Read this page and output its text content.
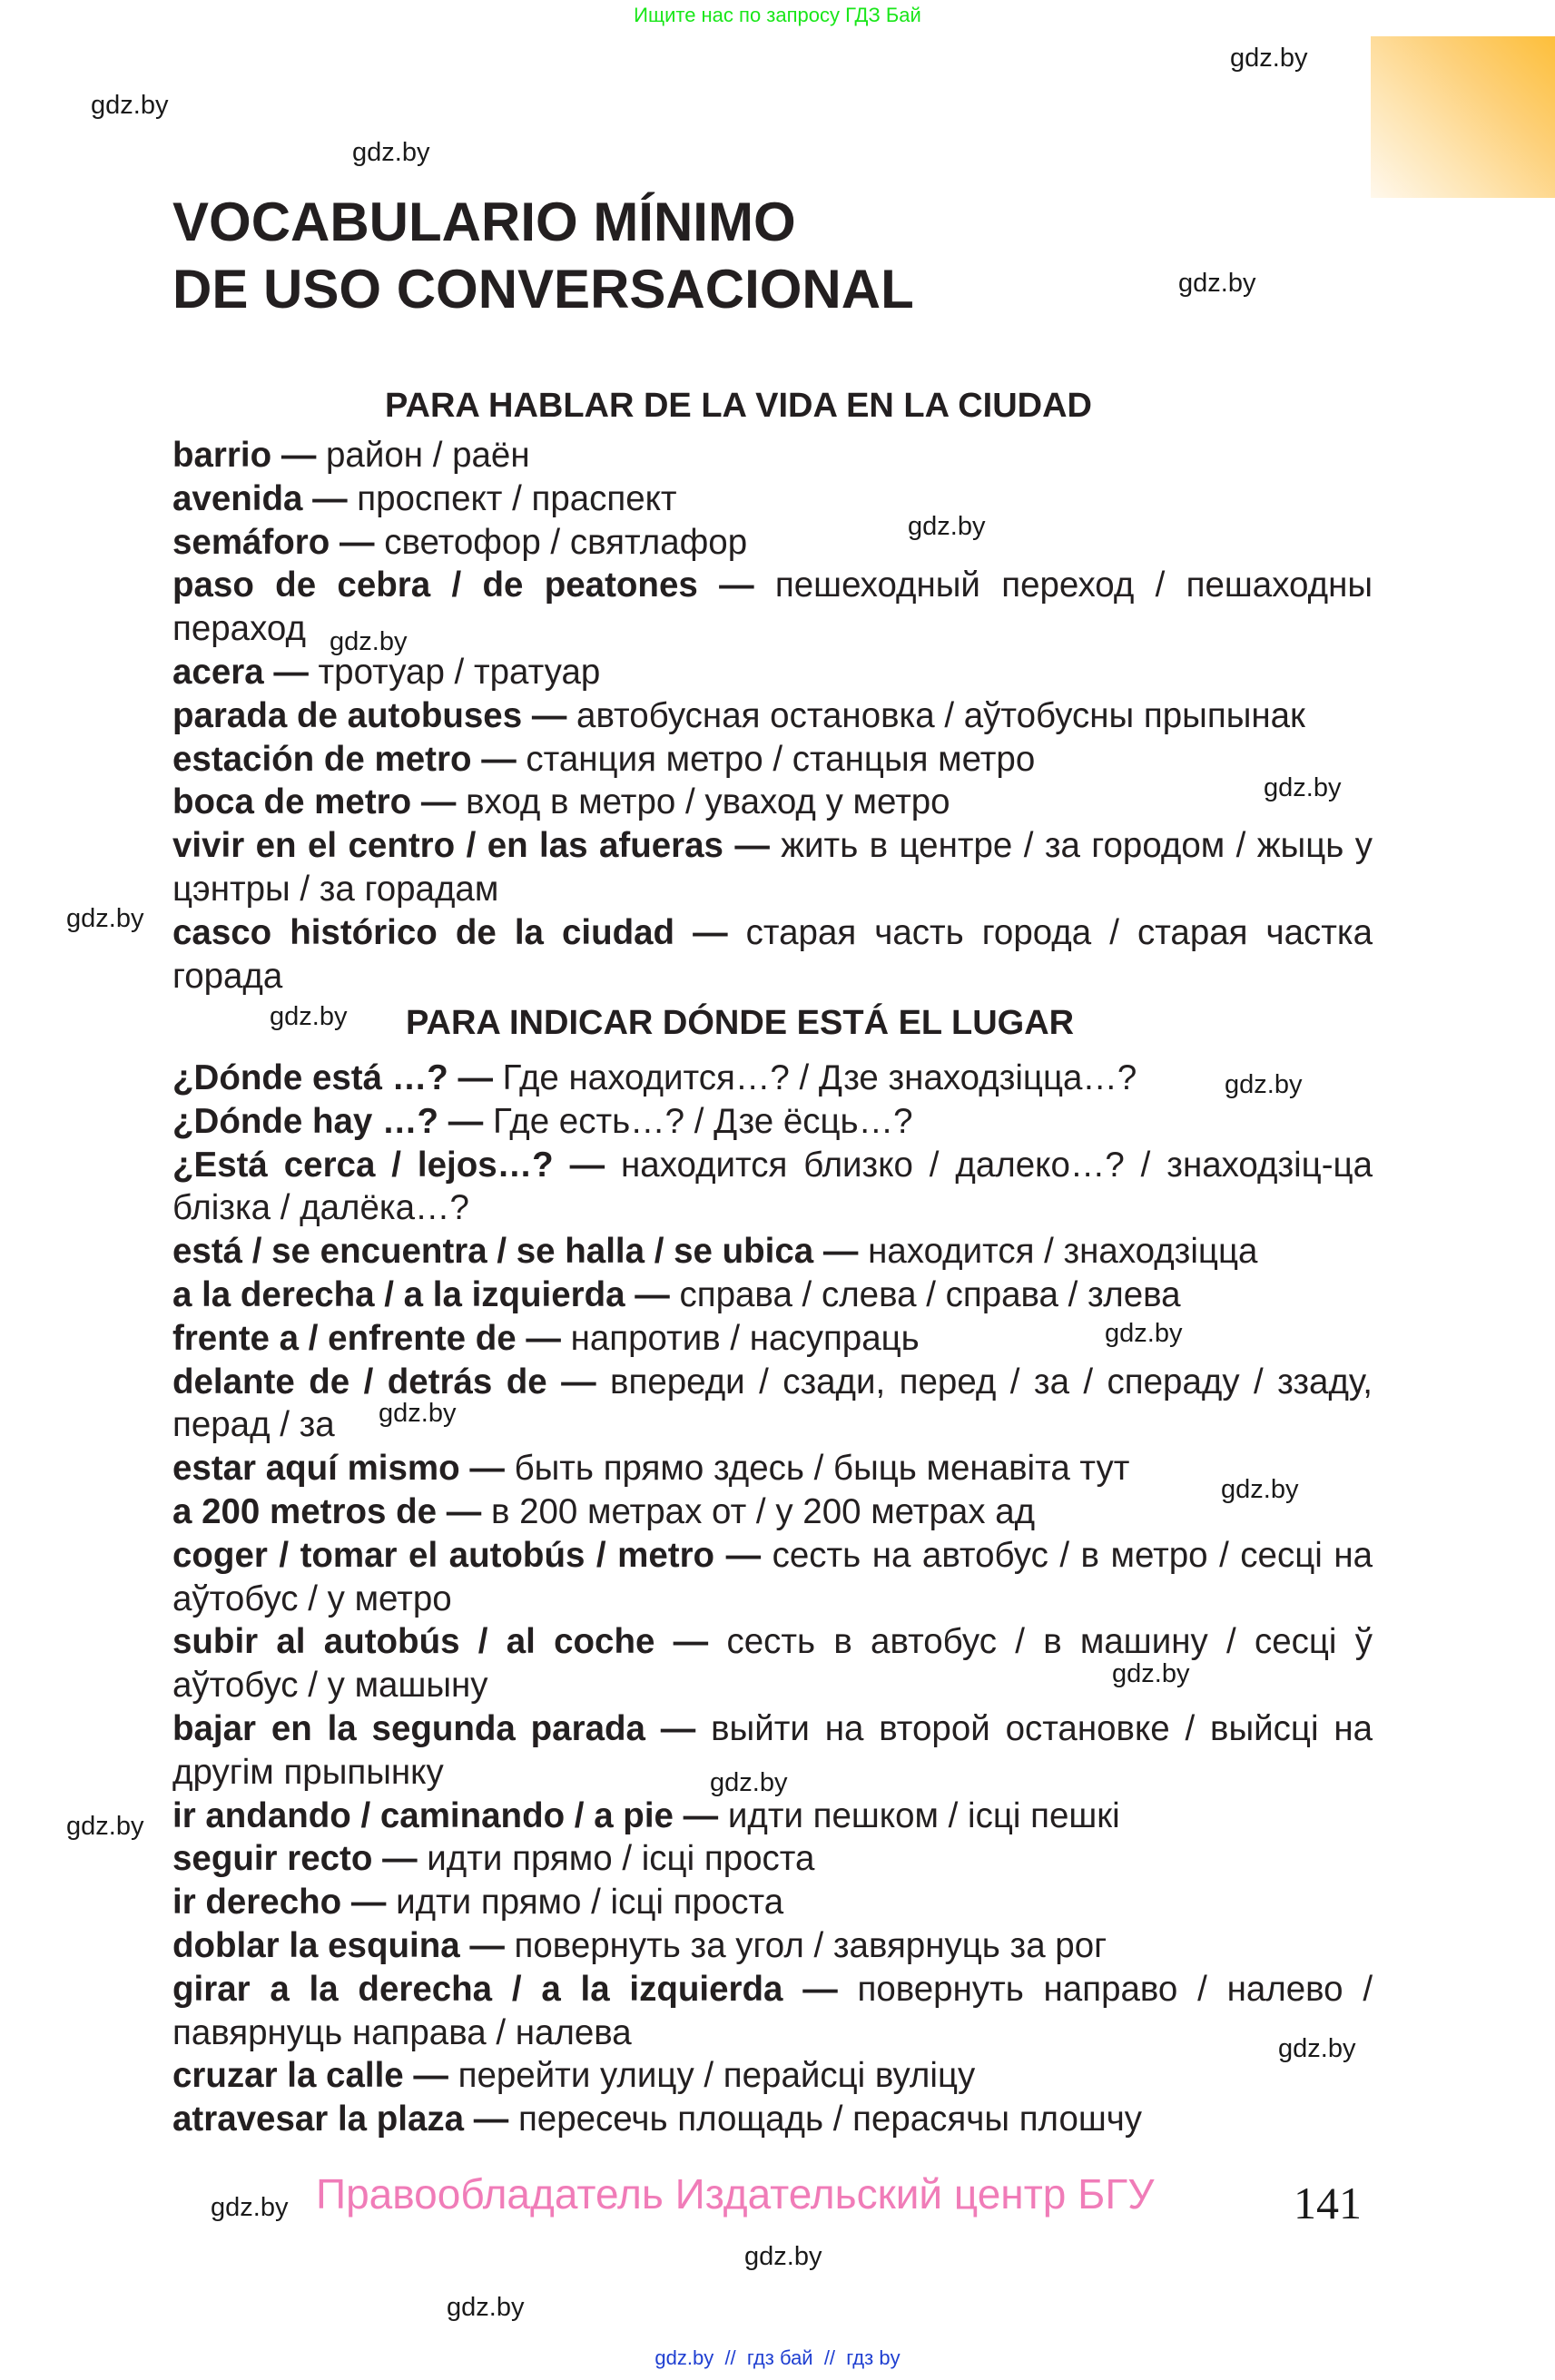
Ищите нас по запросу ГДЗ Бай
gdz.by
gdz.by
gdz.by
gdz.by
gdz.by
gdz.by
gdz.by
gdz.by
gdz.by
gdz.by
gdz.by
gdz.by
gdz.by
gdz.by
gdz.by
gdz.by
gdz.by
gdz.by
gdz.by
gdz.by
VOCABULARIO MÍNIMO
DE USO CONVERSACIONAL
PARA HABLAR DE LA VIDA EN LA CIUDAD
barrio — район / раён
avenida — проспект / праспект
semáforo — светофор / святлафор
paso de cebra / de peatones — пешеходный переход / пешаходны пераход
acera — тротуар / тратуар
parada de autobuses — автобусная остановка / аўтобусны прыпынак
estación de metro — станция метро / станцыя метро
boca de metro — вход в метро / уваход у метро
vivir en el centro / en las afueras — жить в центре / за городом / жыць у цэнтры / за горадам
casco histórico de la ciudad — старая часть города / старая частка горада
PARA INDICAR DÓNDE ESTÁ EL LUGAR
¿Dónde está …? — Где находится…? / Дзе знаходзіцца…?
¿Dónde hay …? — Где есть…? / Дзе ёсць…?
¿Está cerca / lejos…? — находится близко / далеко…? / знаходзіц-ца блізка / далёка…?
está / se encuentra / se halla / se ubica — находится / знаходзіцца
a la derecha / a la izquierda — справа / слева / справа / злева
frente a / enfrente de — напротив / насупраць
delante de / detrás de — впереди / сзади, перед / за / спераду / ззаду, перад / за
estar aquí mismo — быть прямо здесь / быць менавіта тут
a 200 metros de — в 200 метрах от / у 200 метрах ад
coger / tomar el autobús / metro — сесть на автобус / в метро / сесці на аўтобус / у метро
subir al autobús / al coche — сесть в автобус / в машину / сесці ў аўтобус / у машыну
bajar en la segunda parada — выйти на второй остановке / выйсці на другім прыпынку
ir andando / caminando / a pie — идти пешком / ісці пешкі
seguir recto — идти прямо / ісці проста
ir derecho — идти прямо / ісці проста
doblar la esquina — повернуть за угол / завярнуць за рог
girar a la derecha / a la izquierda — повернуть направо / налево / павярнуць направа / налева
cruzar la calle — перейти улицу / перайсці вуліцу
atravesar la plaza — пересечь площадь / перасячы плошчу
Правообладатель Издательский центр БГУ	141
gdz.by  //  гдз бай  //  гдз by
